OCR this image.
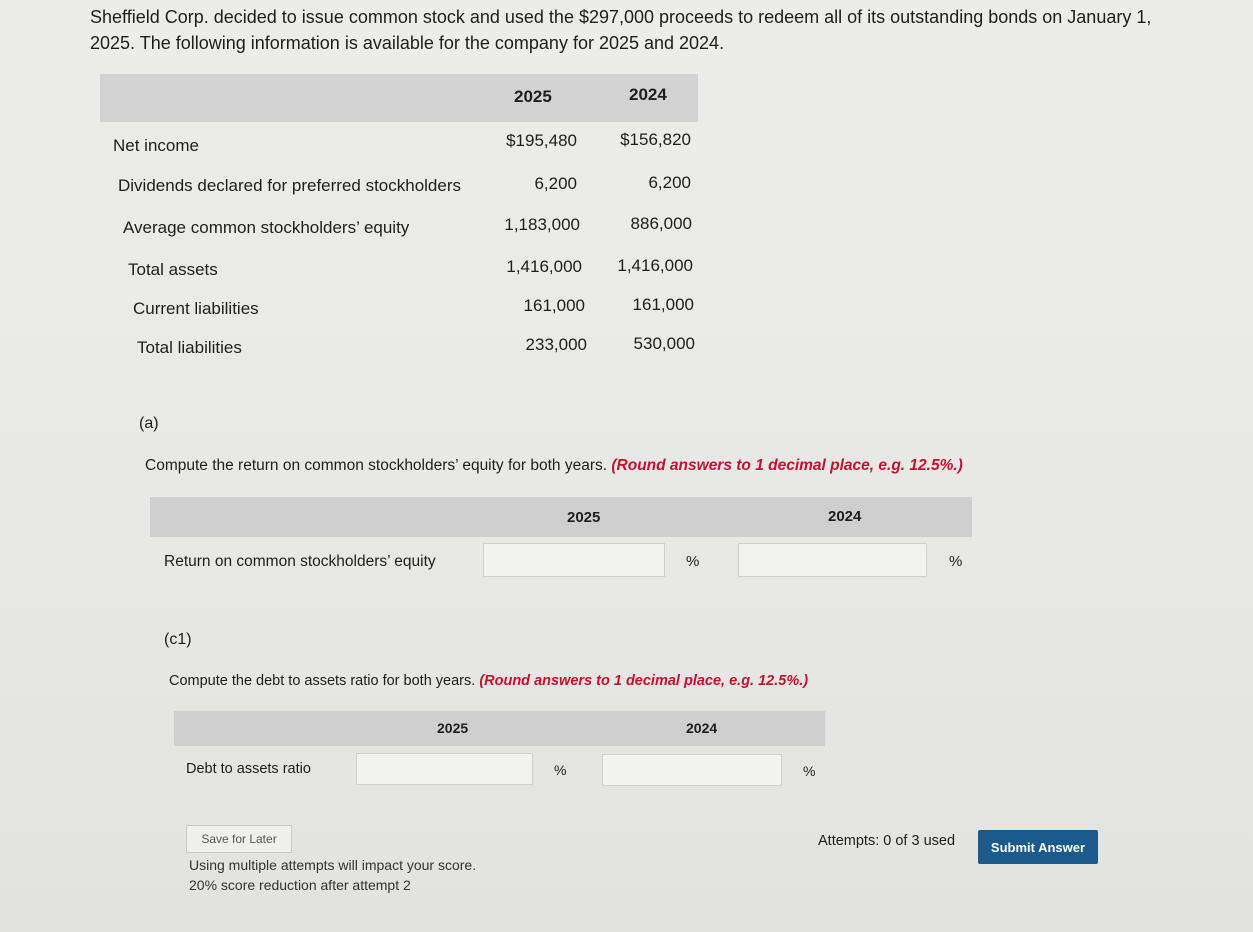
Sheffield Corp. decided to issue common stock and used the $297,000 proceeds to redeem all of its outstanding bonds on January 1,
2025. The following information is available for the company for 2025 and 2024.
2025	2024
Net income	$195,480	$156,820
Dividends declared for preferred stockholders	6,200	6,200
Average common stockholders’ equity	1,183,000	886,000
Total assets	1,416,000 1,416,000
Current liabilities	161,000	161,000
Total liabilities	233,000	530,000
(a)
Compute the return on common stockholders’ equity for both years. (Round answers to 1 decimal place, e.g. 12.5%.)
2025	2024
Return on common stockholders’ equity	%	%
(c1)
Compute the debt to assets ratio for both years. (Round answers to 1 decimal place, e.g. 12.5%.)
2025	2024
Debt to assets ratio	%	%
Save for Later
Using multiple attempts will impact your score.
20% score reduction after attempt 2
Attempts: 0 of 3 used	Submit Answer
